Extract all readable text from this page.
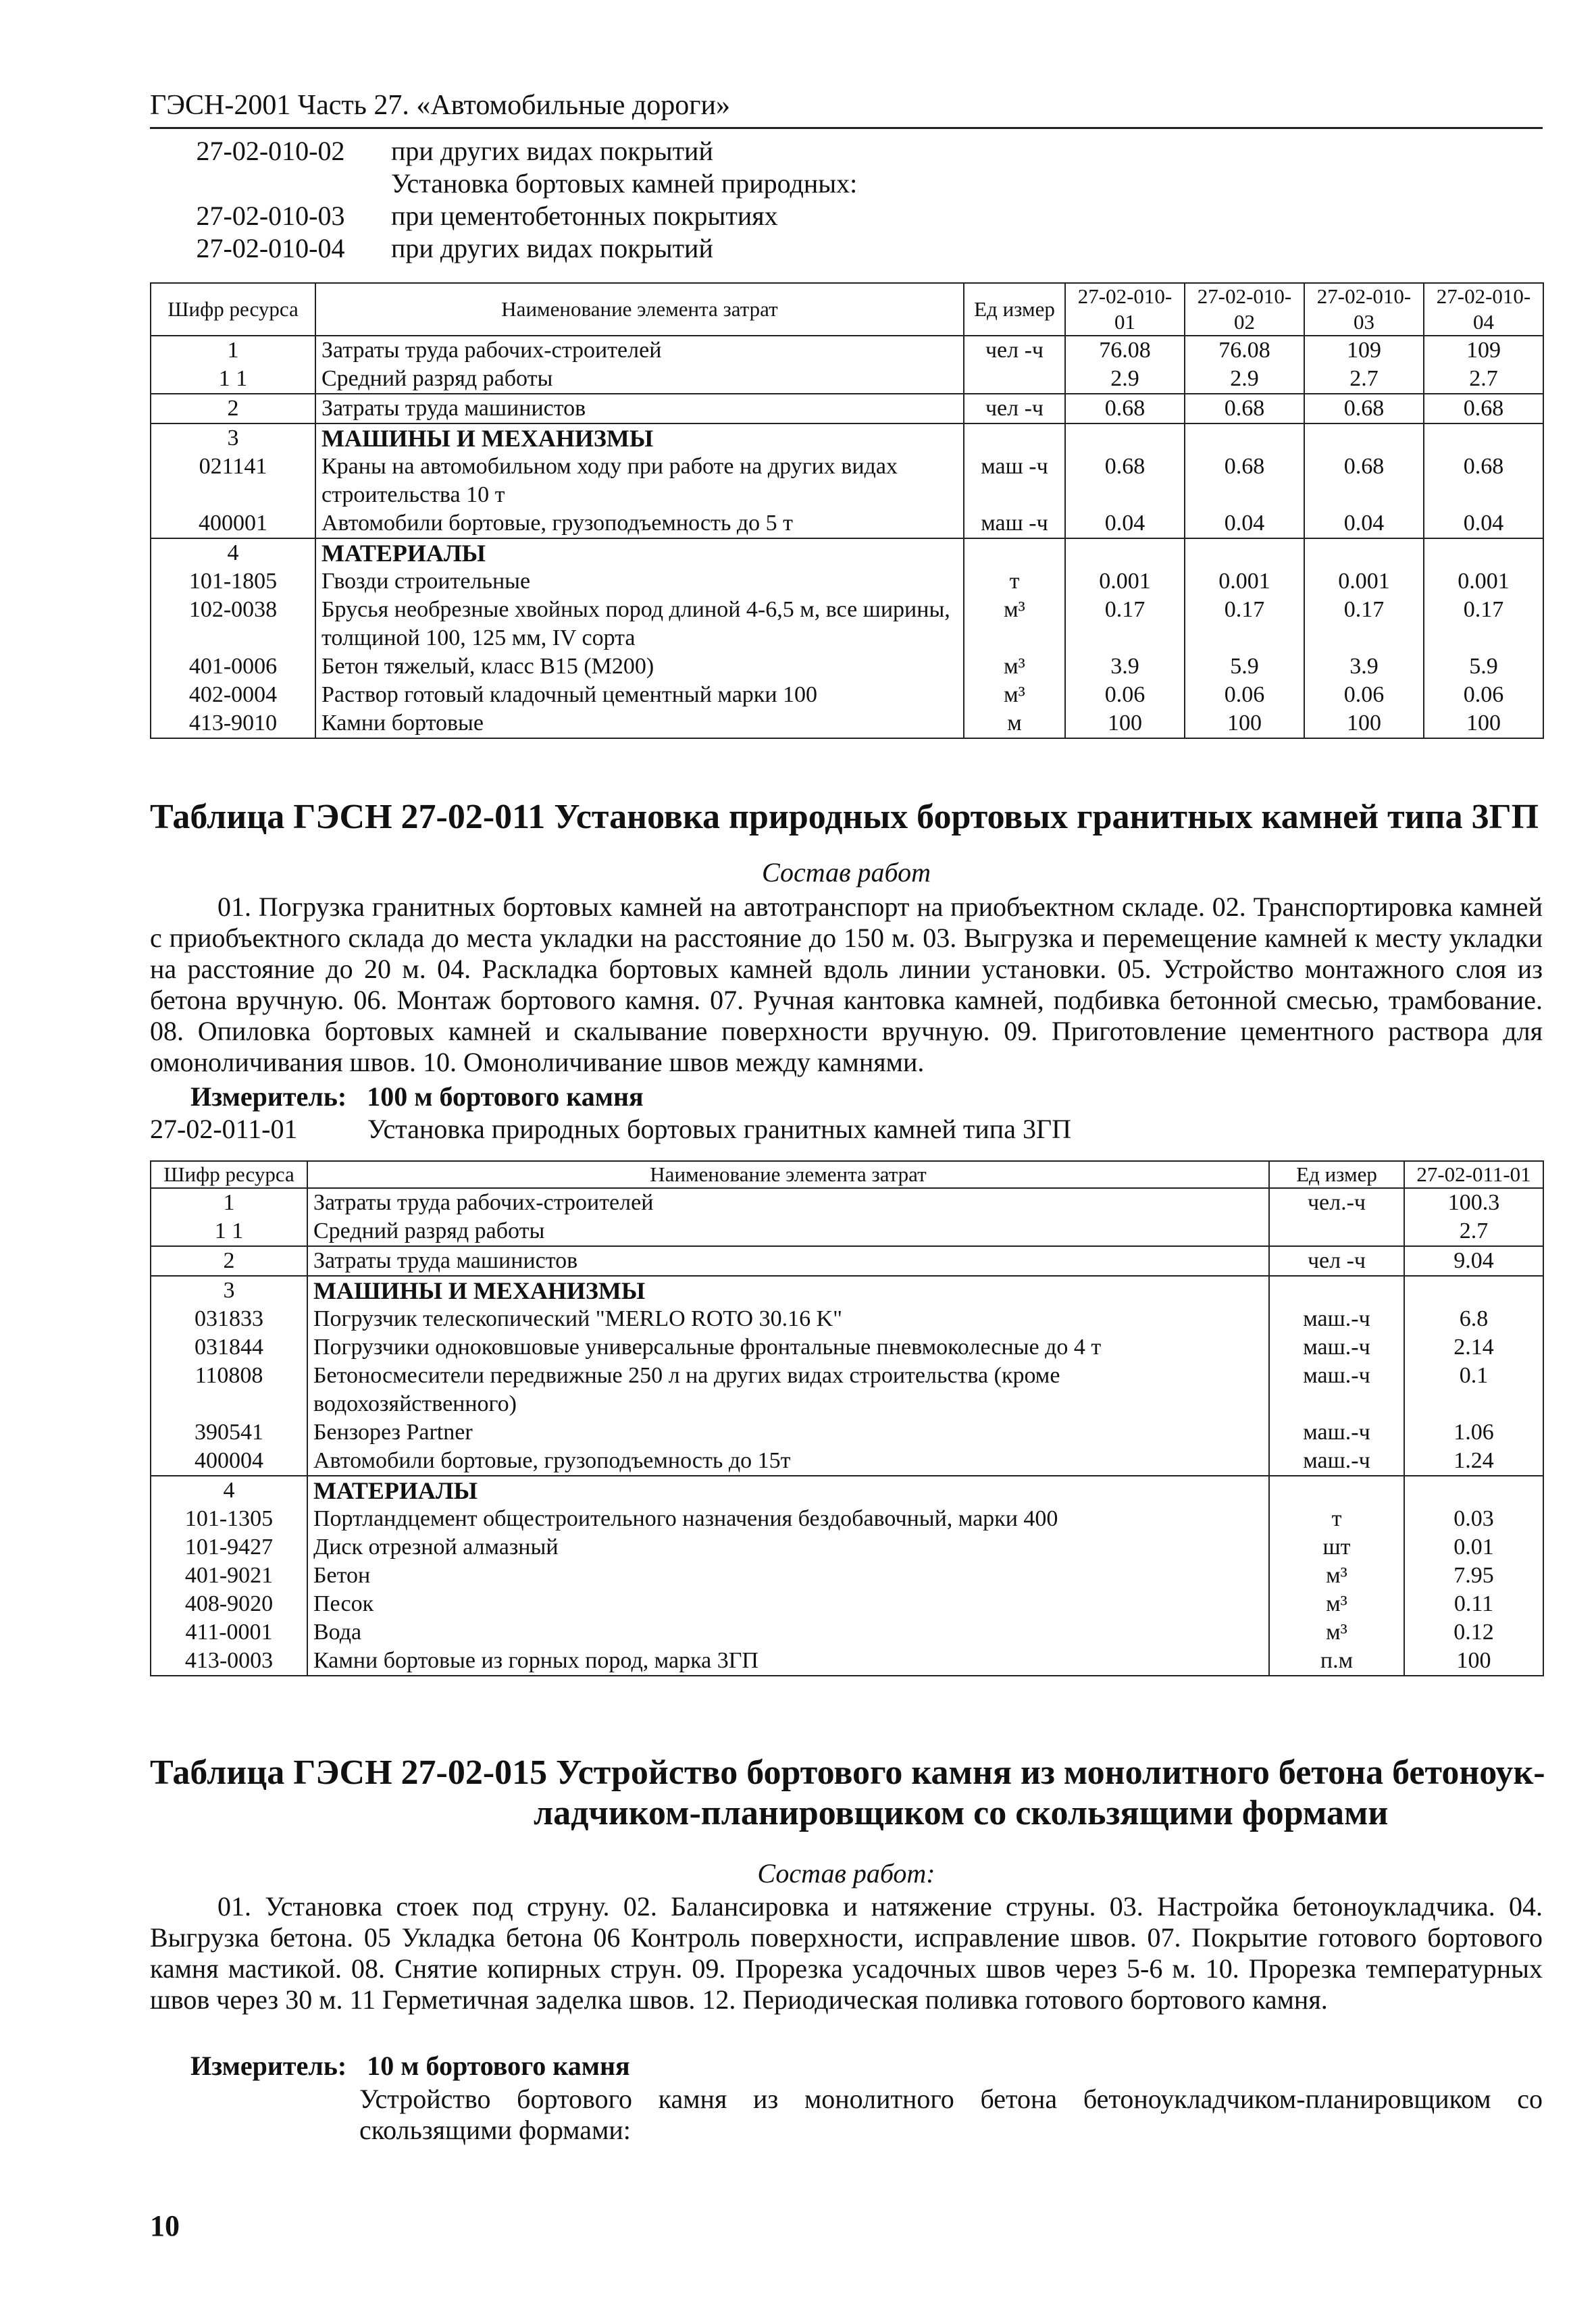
ГЭСН-2001 Часть 27. «Автомобильные дороги»
27-02-010-02	при других видах покрытий
Установка бортовых камней природных:
27-02-010-03	при цементобетонных покрытиях
27-02-010-04	при других видах покрытий
Шифр ресурса	Наименование элемента затрат	Ед измер	27-02-010-01	27-02-010-02	27-02-010-03	27-02-010-04
1	Затраты труда рабочих-строителей	чел -ч	76.08	76.08	109	109
1 1	Средний разряд работы		2.9	2.9	2.7	2.7
2	Затраты труда машинистов	чел -ч	0.68	0.68	0.68	0.68
3	МАШИНЫ И МЕХАНИЗМЫ					
021141	Краны на автомобильном ходу при работе на других видах строительства 10 т	маш -ч	0.68	0.68	0.68	0.68
400001	Автомобили бортовые, грузоподъемность до 5 т	маш -ч	0.04	0.04	0.04	0.04
4	МАТЕРИАЛЫ					
101-1805	Гвозди строительные	т	0.001	0.001	0.001	0.001
102-0038	Брусья необрезные хвойных пород длиной 4-6,5 м, все ширины, толщиной 100, 125 мм, IV сорта	м³	0.17	0.17	0.17	0.17
401-0006	Бетон тяжелый, класс В15 (М200)	м³	3.9	5.9	3.9	5.9
402-0004	Раствор готовый кладочный цементный марки 100	м³	0.06	0.06	0.06	0.06
413-9010	Камни бортовые	м	100	100	100	100
Таблица ГЭСН 27-02-011 Установка природных бортовых гранитных камней типа 3ГП
Состав работ

01. Погрузка гранитных бортовых камней на автотранспорт на приобъектном складе. 02. Транспортировка камней с приобъектного склада до места укладки на расстояние до 150 м. 03. Выгрузка и перемещение камней к месту укладки на расстояние до 20 м. 04. Раскладка бортовых камней вдоль линии установки. 05. Устройство монтажного слоя из бетона вручную. 06. Монтаж бортового камня. 07. Ручная кантовка камней, подбивка бетонной смесью, трамбование. 08. Опиловка бортовых камней и скалывание поверхности вручную. 09. Приготовление цементного раствора для омоноличивания швов. 10. Омоноличивание швов между камнями.

Измеритель: 100 м бортового камня
27-02-011-01	Установка природных бортовых гранитных камней типа 3ГП
Шифр ресурса	Наименование элемента затрат	Ед измер	27-02-011-01
1	Затраты труда рабочих-строителей	чел.-ч	100.3
1 1	Средний разряд работы		2.7
2	Затраты труда машинистов	чел -ч	9.04
3	МАШИНЫ И МЕХАНИЗМЫ		
031833	Погрузчик телескопический "MERLO ROTO 30.16 K"	маш.-ч	6.8
031844	Погрузчики одноковшовые универсальные фронтальные пневмоколесные до 4 т	маш.-ч	2.14
110808	Бетоносмесители передвижные 250 л на других видах строительства (кроме водохозяйственного)	маш.-ч	0.1
390541	Бензорез Partner	маш.-ч	1.06
400004	Автомобили бортовые, грузоподъемность до 15т	маш.-ч	1.24
4	МАТЕРИАЛЫ		
101-1305	Портландцемент общестроительного назначения бездобавочный, марки 400	т	0.03
101-9427	Диск отрезной алмазный	шт	0.01
401-9021	Бетон	м³	7.95
408-9020	Песок	м³	0.11
411-0001	Вода	м³	0.12
413-0003	Камни бортовые из горных пород, марка 3ГП	п.м	100
Таблица ГЭСН 27-02-015 Устройство бортового камня из монолитного бетона бетоноук-
ладчиком-планировщиком со скользящими формами
Состав работ:

01. Установка стоек под струну. 02. Балансировка и натяжение струны. 03. Настройка бетоноукладчика. 04. Выгрузка бетона. 05 Укладка бетона 06 Контроль поверхности, исправление швов. 07. Покрытие готового бортового камня мастикой. 08. Снятие копирных струн. 09. Прорезка усадочных швов через 5-6 м. 10. Прорезка температурных швов через 30 м. 11 Герметичная заделка швов. 12. Периодическая поливка готового бортового камня.

Измеритель: 10 м бортового камня

Устройство бортового камня из монолитного бетона бетоноукладчиком-планировщиком со скользящими формами:

10
